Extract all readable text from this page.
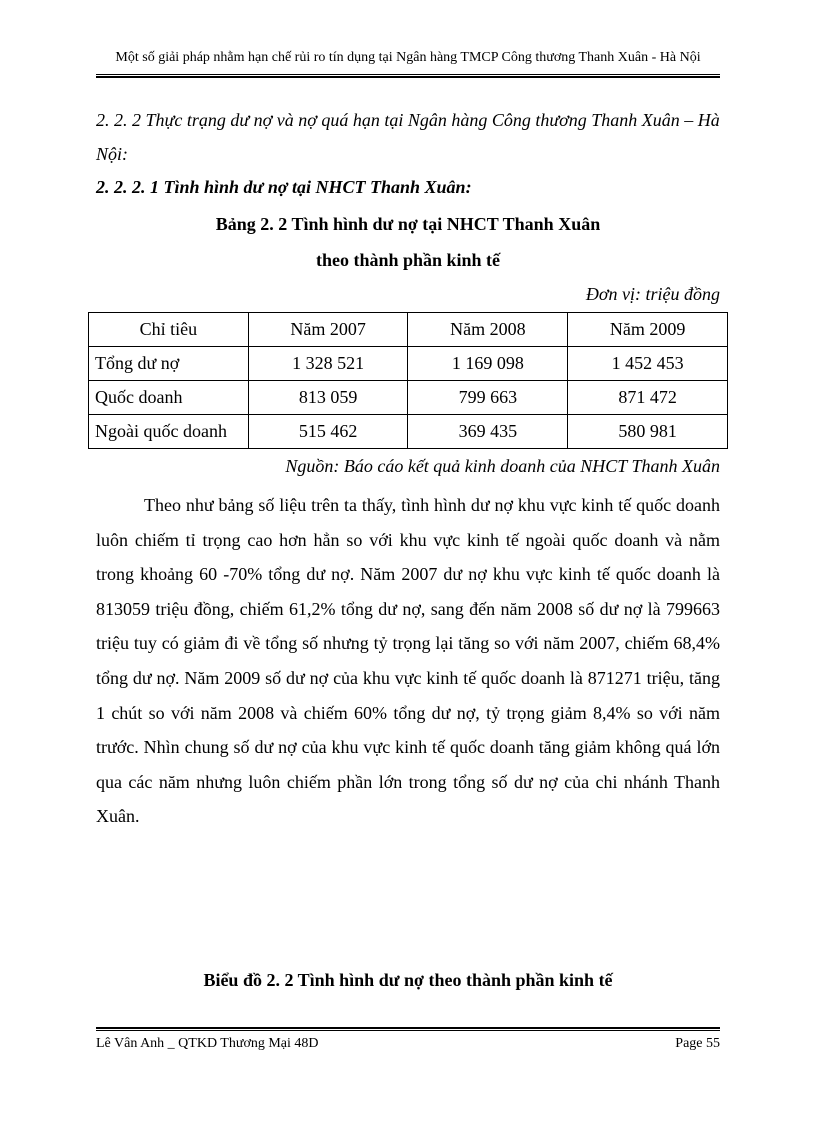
Một số giải pháp nhằm hạn chế rủi ro tín dụng tại Ngân hàng TMCP Công thương Thanh Xuân - Hà Nội
2. 2. 2 Thực trạng dư nợ và nợ quá hạn tại Ngân hàng Công thương Thanh Xuân – Hà Nội:
2. 2. 2. 1 Tình hình dư nợ tại NHCT Thanh Xuân:
Bảng 2. 2 Tình hình dư nợ tại NHCT Thanh Xuân
theo thành phần kinh tế
Đơn vị: triệu đồng
Chỉ tiêu	Năm 2007	Năm 2008	Năm 2009
Tổng dư nợ	1 328 521	1 169 098	1 452 453
Quốc doanh	813 059	799 663	871 472
Ngoài quốc doanh	515 462	369 435	580 981
Nguồn: Báo cáo kết quả kinh doanh của NHCT Thanh Xuân

Theo như bảng số liệu trên ta thấy, tình hình dư nợ khu vực kinh tế quốc doanh luôn chiếm tỉ trọng cao hơn hẳn so với khu vực kinh tế ngoài quốc doanh và nằm trong khoảng 60 -70% tổng dư nợ. Năm 2007 dư nợ khu vực kinh tế quốc doanh là 813059 triệu đồng, chiếm 61,2% tổng dư nợ, sang đến năm 2008 số dư nợ là 799663 triệu tuy có giảm đi về tổng số nhưng tỷ trọng lại tăng so với năm 2007, chiếm 68,4% tổng dư nợ. Năm 2009 số dư nợ của khu vực kinh tế quốc doanh là 871271 triệu, tăng 1 chút so với năm 2008 và chiếm 60% tổng dư nợ, tỷ trọng giảm 8,4% so với năm trước. Nhìn chung số dư nợ của khu vực kinh tế quốc doanh tăng giảm không quá lớn qua các năm nhưng luôn chiếm phần lớn trong tổng số dư nợ của chi nhánh Thanh Xuân.

Biểu đồ 2. 2 Tình hình dư nợ theo thành phần kinh tế
Lê Vân Anh _ QTKD Thương Mại 48D	Page 55
